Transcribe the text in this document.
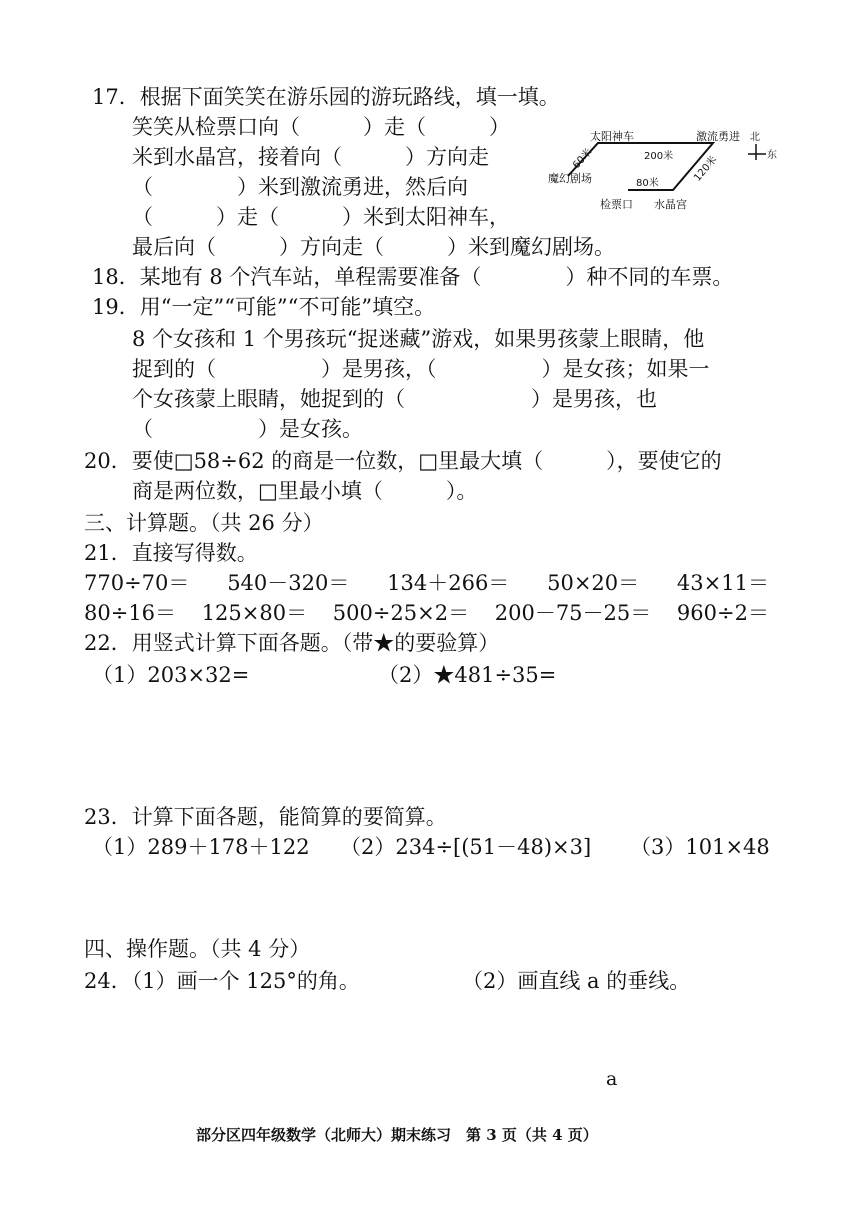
17．根据下面笑笑在游乐园的游玩路线，填一填。
笑笑从检票口向（　　　）走（　　　）
米到水晶宫，接着向（　　　）方向走
（　　　　）米到激流勇进，然后向
（　　　）走（　　　）米到太阳神车，
最后向（　　　）方向走（　　　）米到魔幻剧场。
太阳神车	激流勇进 北
东
魔幻剧场
检票口 水晶宫
60米	200米
80米	120米
18．某地有 8 个汽车站，单程需要准备（　　　　）种不同的车票。
19．用“一定”“可能”“不可能”填空。
8 个女孩和 1 个男孩玩“捉迷藏”游戏，如果男孩蒙上眼睛，他
捉到的（　　　　　）是男孩，（　　　　　）是女孩；如果一
个女孩蒙上眼睛，她捉到的（　　　　　　）是男孩，也
（　　　　　）是女孩。
20．要使□58÷62 的商是一位数，□里最大填（　　　），要使它的
商是两位数，□里最小填（　　　）。
三、计算题。（共 26 分）
21．直接写得数。
770÷70＝ 540－320＝ 134＋266＝ 50×20＝ 43×11＝
80÷16＝ 125×80＝ 500÷25×2＝ 200－75－25＝ 960÷2＝
22．用竖式计算下面各题。（带★的要验算）
（1）203×32=	（2）★481÷35=
23．计算下面各题，能简算的要简算。
（1）289＋178＋122 （2）234÷[(51－48)×3] （3）101×48
四、操作题。（共 4 分）
24．（1）画一个 125°的角。	（2）画直线 a 的垂线。
a
部分区四年级数学（北师大）期末练习　第 3 页（共 4 页）
